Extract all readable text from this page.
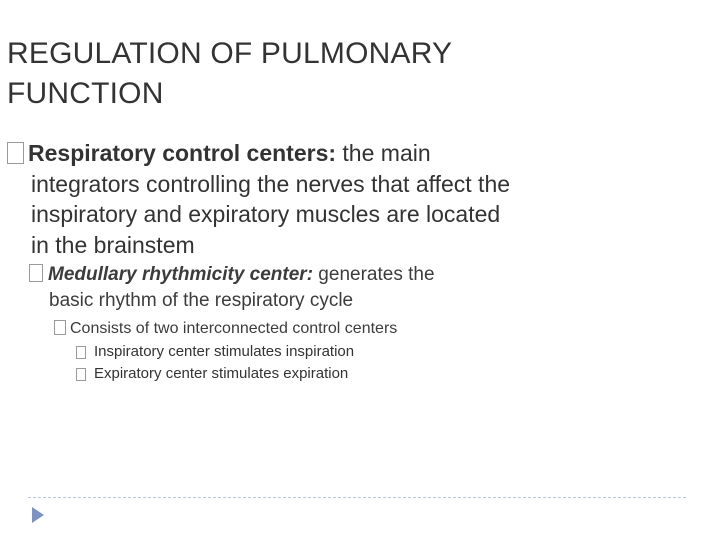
REGULATION OF PULMONARY
FUNCTION
Respiratory control centers: the main
integrators controlling the nerves that affect the
inspiratory and expiratory muscles are located
in the brainstem
Medullary rhythmicity center: generates the
basic rhythm of the respiratory cycle
Consists of two interconnected control centers
Inspiratory center stimulates inspiration
Expiratory center stimulates expiration
